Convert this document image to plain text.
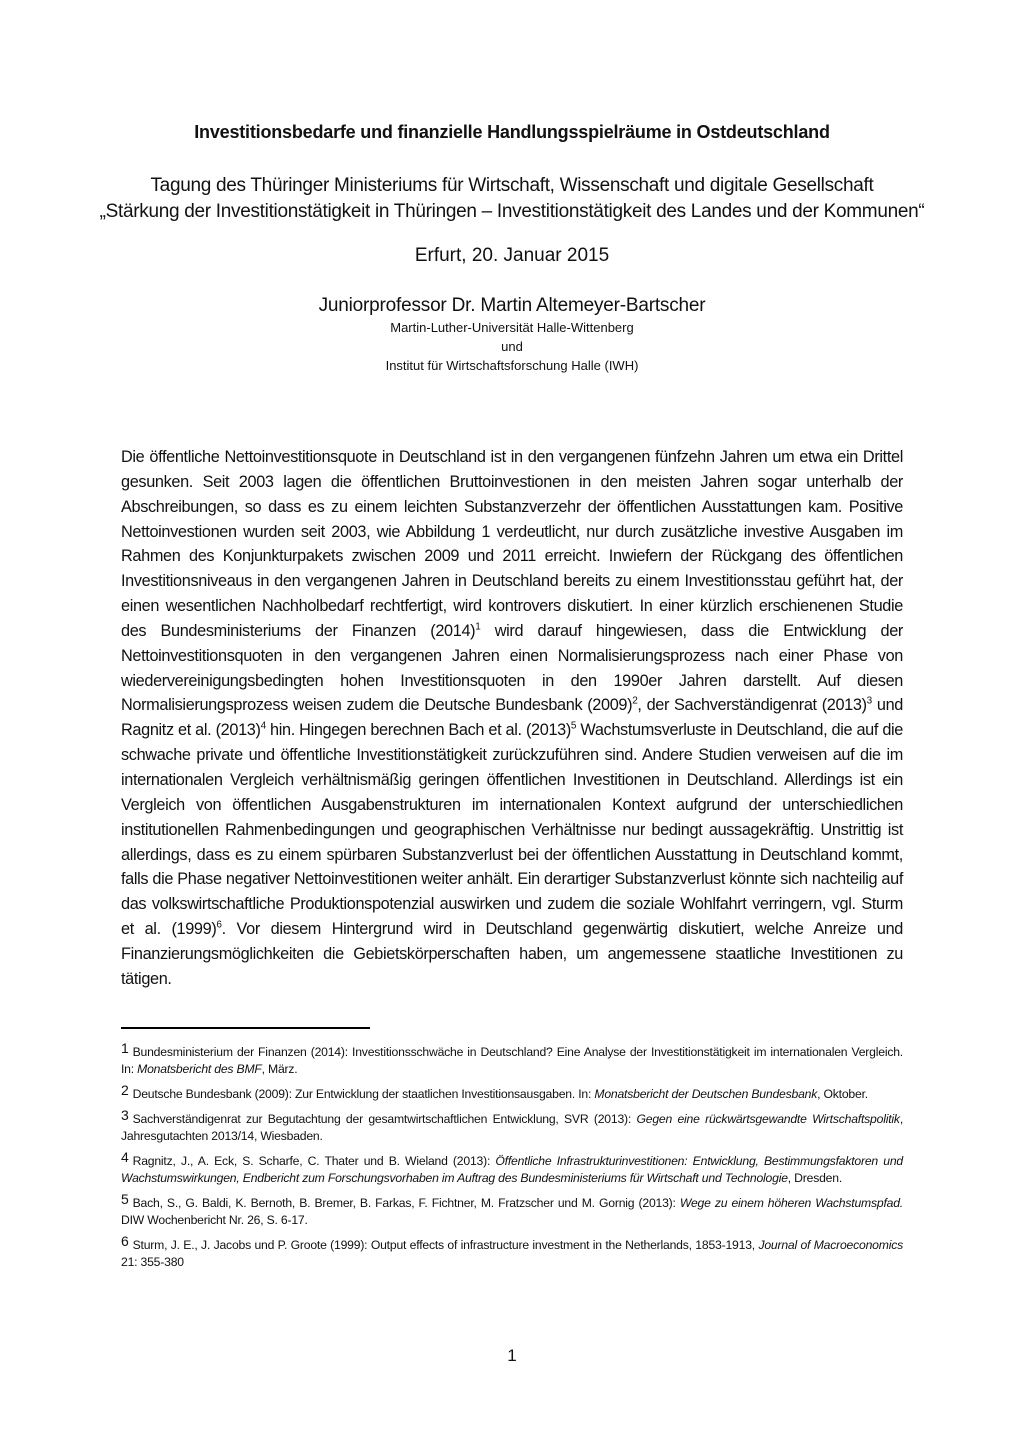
Investitionsbedarfe und finanzielle Handlungsspielräume in Ostdeutschland
Tagung des Thüringer Ministeriums für Wirtschaft, Wissenschaft und digitale Gesellschaft
„Stärkung der Investitionstätigkeit in Thüringen – Investitionstätigkeit des Landes und der Kommunen“
Erfurt, 20. Januar 2015
Juniorprofessor Dr. Martin Altemeyer-Bartscher
Martin-Luther-Universität Halle-Wittenberg
und
Institut für Wirtschaftsforschung Halle (IWH)
Die öffentliche Nettoinvestitionsquote in Deutschland ist in den vergangenen fünfzehn Jahren um etwa ein Drittel gesunken. Seit 2003 lagen die öffentlichen Bruttoinvestionen in den meisten Jahren sogar unterhalb der Abschreibungen, so dass es zu einem leichten Substanzverzehr der öffentlichen Ausstattungen kam. Positive Nettoinvestionen wurden seit 2003, wie Abbildung 1 verdeutlicht, nur durch zusätzliche investive Ausgaben im Rahmen des Konjunkturpakets zwischen 2009 und 2011 erreicht. Inwiefern der Rückgang des öffentlichen Investitionsniveaus in den vergangenen Jahren in Deutschland bereits zu einem Investitionsstau geführt hat, der einen wesentlichen Nachholbedarf rechtfertigt, wird kontrovers diskutiert. In einer kürzlich erschienenen Studie des Bundesministeriums der Finanzen $(2014)^1$ wird darauf hingewiesen, dass die Entwicklung der Nettoinvestitionsquoten in den vergangenen Jahren einen Normalisierungsprozess nach einer Phase von wiedervereinigungsbedingten hohen Investitionsquoten in den 1990er Jahren darstellt. Auf diesen Normalisierungsprozess weisen zudem die Deutsche Bundesbank $(2009)^2$, der Sachverständigenrat $(2013)^3$ und Ragnitz et al. $(2013)^4$ hin. Hingegen berechnen Bach et al. $(2013)^5$ Wachstumsverluste in Deutschland, die auf die schwache private und öffentliche Investitionstätigkeit zurückzuführen sind. Andere Studien verweisen auf die im internationalen Vergleich verhältnismäßig geringen öffentlichen Investitionen in Deutschland. Allerdings ist ein Vergleich von öffentlichen Ausgabenstrukturen im internationalen Kontext aufgrund der unterschiedlichen institutionellen Rahmenbedingungen und geographischen Verhältnisse nur bedingt aussagekräftig. Unstrittig ist allerdings, dass es zu einem spürbaren Substanzverlust bei der öffentlichen Ausstattung in Deutschland kommt, falls die Phase negativer Nettoinvestitionen weiter anhält. Ein derartiger Substanzverlust könnte sich nachteilig auf das volkswirtschaftliche Produktionspotenzial auswirken und zudem die soziale Wohlfahrt verringern, vgl. Sturm et al. $(1999)^6$. Vor diesem Hintergrund wird in Deutschland gegenwärtig diskutiert, welche Anreize und Finanzierungsmöglichkeiten die Gebietskörperschaften haben, um angemessene staatliche Investitionen zu tätigen.
1 Bundesministerium der Finanzen (2014): Investitionsschwäche in Deutschland? Eine Analyse der Investitionstätigkeit im internationalen Vergleich. In: Monatsbericht des BMF, März.
2 Deutsche Bundesbank (2009): Zur Entwicklung der staatlichen Investitionsausgaben. In: Monatsbericht der Deutschen Bundesbank, Oktober.
3 Sachverständigenrat zur Begutachtung der gesamtwirtschaftlichen Entwicklung, SVR (2013): Gegen eine rückwärtsgewandte Wirtschaftspolitik, Jahresgutachten 2013/14, Wiesbaden.
4 Ragnitz, J., A. Eck, S. Scharfe, C. Thater und B. Wieland (2013): Öffentliche Infrastrukturinvestitionen: Entwicklung, Bestimmungsfaktoren und Wachstumswirkungen, Endbericht zum Forschungsvorhaben im Auftrag des Bundesministeriums für Wirtschaft und Technologie, Dresden.
5 Bach, S., G. Baldi, K. Bernoth, B. Bremer, B. Farkas, F. Fichtner, M. Fratzscher und M. Gornig (2013): Wege zu einem höheren Wachstumspfad. DIW Wochenbericht Nr. 26, S. 6-17.
6 Sturm, J. E., J. Jacobs und P. Groote (1999): Output effects of infrastructure investment in the Netherlands, 1853-1913, Journal of Macroeconomics 21: 355-380
1
